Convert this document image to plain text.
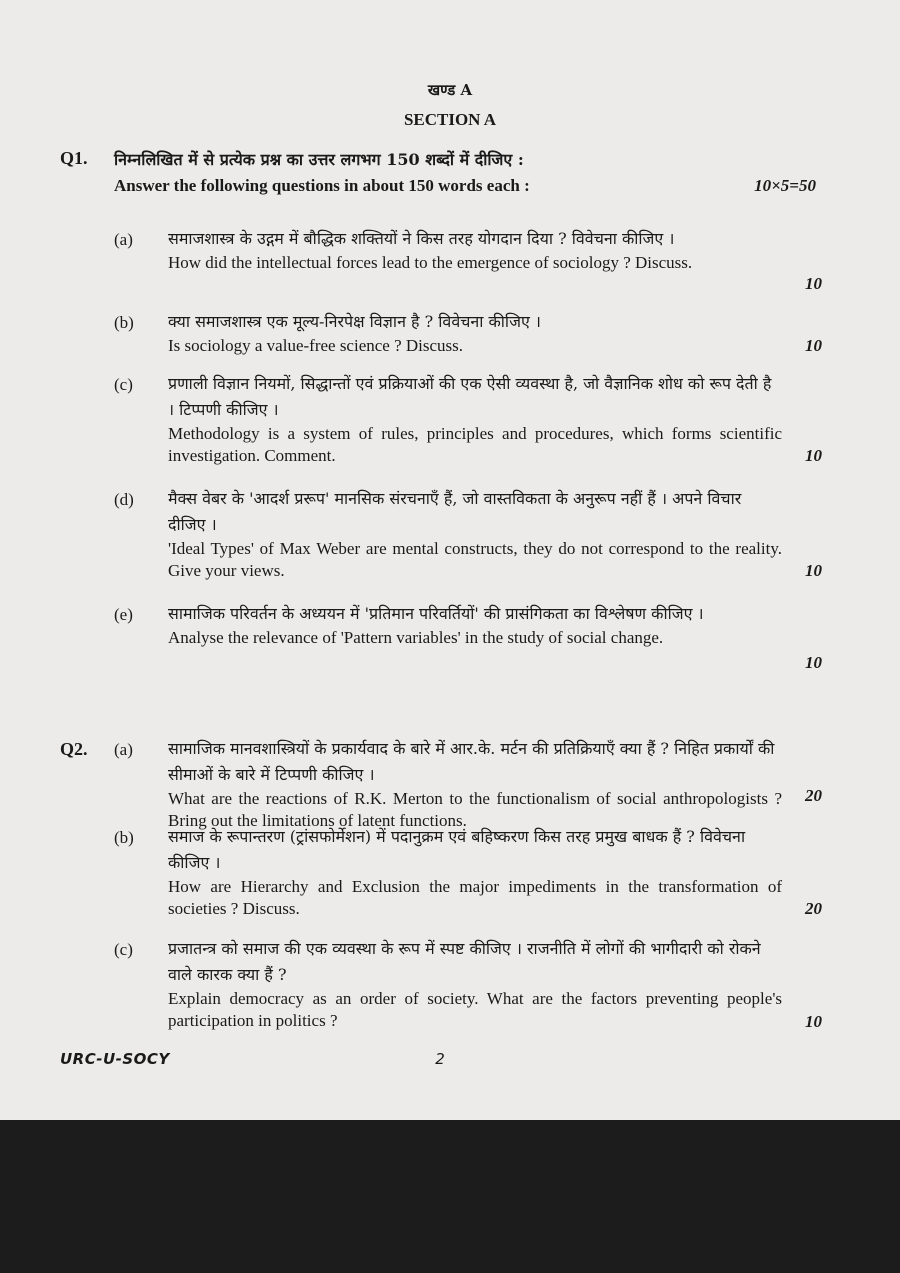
खण्ड A
SECTION A
Q1. निम्नलिखित में से प्रत्येक प्रश्न का उत्तर लगभग 150 शब्दों में दीजिए :
Answer the following questions in about 150 words each :	10×5=50
(a) समाजशास्त्र के उद्गम में बौद्धिक शक्तियों ने किस तरह योगदान दिया ? विवेचना कीजिए ।
How did the intellectual forces lead to the emergence of sociology ? Discuss.
10
(b) क्या समाजशास्त्र एक मूल्य-निरपेक्ष विज्ञान है ? विवेचना कीजिए ।
Is sociology a value-free science ? Discuss.	10
(c) प्रणाली विज्ञान नियमों, सिद्धान्तों एवं प्रक्रियाओं की एक ऐसी व्यवस्था है, जो वैज्ञानिक शोध को रूप देती है । टिप्पणी कीजिए ।
Methodology is a system of rules, principles and procedures, which forms scientific investigation. Comment.	10
(d) मैक्स वेबर के 'आदर्श प्ररूप' मानसिक संरचनाएँ हैं, जो वास्तविकता के अनुरूप नहीं हैं । अपने विचार दीजिए ।
'Ideal Types' of Max Weber are mental constructs, they do not correspond to the reality. Give your views.	10
(e) सामाजिक परिवर्तन के अध्ययन में 'प्रतिमान परिवर्तियों' की प्रासंगिकता का विश्लेषण कीजिए ।
Analyse the relevance of 'Pattern variables' in the study of social change.
10
Q2. (a) सामाजिक मानवशास्त्रियों के प्रकार्यवाद के बारे में आर.के. मर्टन की प्रतिक्रियाएँ क्या हैं ? निहित प्रकार्यों की सीमाओं के बारे में टिप्पणी कीजिए ।
What are the reactions of R.K. Merton to the functionalism of social anthropologists ? Bring out the limitations of latent functions.
20
(b) समाज के रूपान्तरण (ट्रांसफोर्मेशन) में पदानुक्रम एवं बहिष्करण किस तरह प्रमुख बाधक हैं ? विवेचना कीजिए ।
How are Hierarchy and Exclusion the major impediments in the transformation of societies ? Discuss.	20
(c) प्रजातन्त्र को समाज की एक व्यवस्था के रूप में स्पष्ट कीजिए । राजनीति में लोगों की भागीदारी को रोकने वाले कारक क्या हैं ?
Explain democracy as an order of society. What are the factors preventing people's participation in politics ?	10
URC-U-SOCY	2
